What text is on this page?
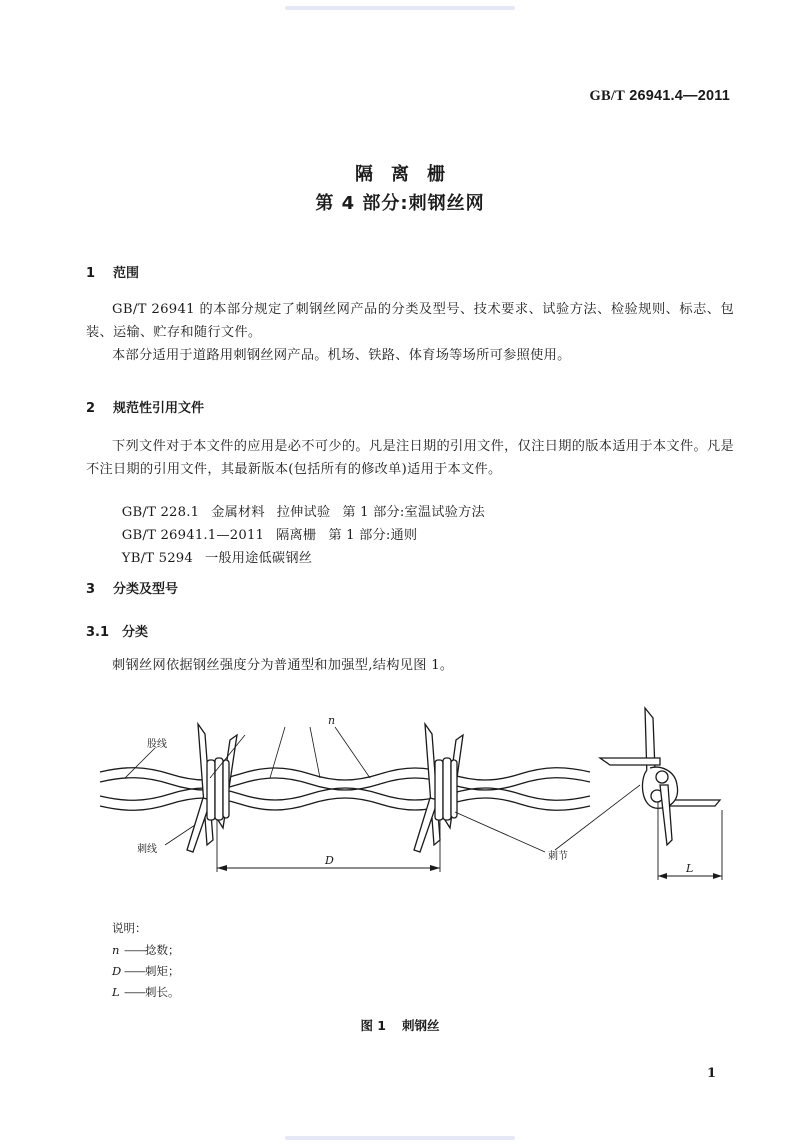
GB/T 26941.4—2011
隔离栅
第 4 部分:刺钢丝网
1 范围
GB/T 26941 的本部分规定了刺钢丝网产品的分类及型号、技术要求、试验方法、检验规则、标志、包装、运输、贮存和随行文件。
本部分适用于道路用刺钢丝网产品。机场、铁路、体育场等场所可参照使用。
2 规范性引用文件
下列文件对于本文件的应用是必不可少的。凡是注日期的引用文件，仅注日期的版本适用于本文件。凡是不注日期的引用文件，其最新版本(包括所有的修改单)适用于本文件。

GB/T 228.1 金属材料 拉伸试验 第 1 部分:室温试验方法

GB/T 26941.1—2011 隔离栅 第 1 部分:通则

YB/T 5294 一般用途低碳钢丝

3 分类及型号
3.1 分类
刺钢丝网依据钢丝强度分为普通型和加强型,结构见图 1。
股线
刺线
n
D	刺节
L
说明：
n ——捻数；
D ——刺矩；
L ——刺长。
图 1 刺钢丝
1
